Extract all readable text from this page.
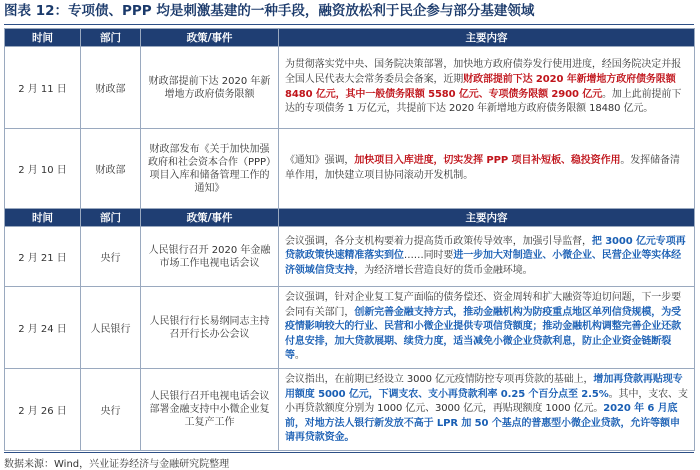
图表 12：专项债、PPP 均是刺激基建的一种手段，融资放松利于民企参与部分基建领域
时间	部门	政策/事件	主要内容
2 月 11 日	财政部	财政部提前下达 2020 年新增地方政府债务限额	为贯彻落实党中央、国务院决策部署，加快地方政府债券发行使用进度，经国务院决定并报全国人民代表大会常务委员会备案，近期财政部提前下达 2020 年新增地方政府债务限额 8480 亿元，其中一般债务限额 5580 亿元、专项债务限额 2900 亿元。加上此前提前下达的专项债务 1 万亿元，共提前下达 2020 年新增地方政府债务限额 18480 亿元。
2 月 10 日	财政部	财政部发布《关于加快加强政府和社会资本合作（PPP）项目入库和储备管理工作的通知》	《通知》强调，加快项目入库进度，切实发挥 PPP 项目补短板、稳投资作用。发挥储备清单作用，加快建立项目协同滚动开发机制。
时间	部门	政策/事件	主要内容
2 月 21 日	央行	人民银行召开 2020 年金融市场工作电视电话会议	会议强调，各分支机构要着力提高货币政策传导效率，加强引导监督，把 3000 亿元专项再贷款政策快速精准落实到位……同时要进一步加大对制造业、小微企业、民营企业等实体经济领域信贷支持，为经济增长营造良好的货币金融环境。
2 月 24 日	人民银行	人民银行行长易纲同志主持召开行长办公会议	会议强调，针对企业复工复产面临的债务偿还、资金周转和扩大融资等迫切问题，下一步要会同有关部门，创新完善金融支持方式，推动金融机构为防疫重点地区单列信贷规模，为受疫情影响较大的行业、民营和小微企业提供专项信贷额度；推动金融机构调整完善企业还款付息安排，加大贷款展期、续贷力度，适当减免小微企业贷款利息，防止企业资金链断裂等。
2 月 26 日	央行	人民银行召开电视电话会议部署金融支持中小微企业复工复产工作	会议指出，在前期已经设立 3000 亿元疫情防控专项再贷款的基础上，增加再贷款再贴现专用额度 5000 亿元，下调支农、支小再贷款利率 0.25 个百分点至 2.5%。其中，支农、支小再贷款额度分别为 1000 亿元、3000 亿元，再贴现额度 1000 亿元。2020 年 6 月底前，对地方法人银行新发放不高于 LPR 加 50 个基点的普惠型小微企业贷款，允许等额申请再贷款资金。
数据来源：Wind，兴业证券经济与金融研究院整理
